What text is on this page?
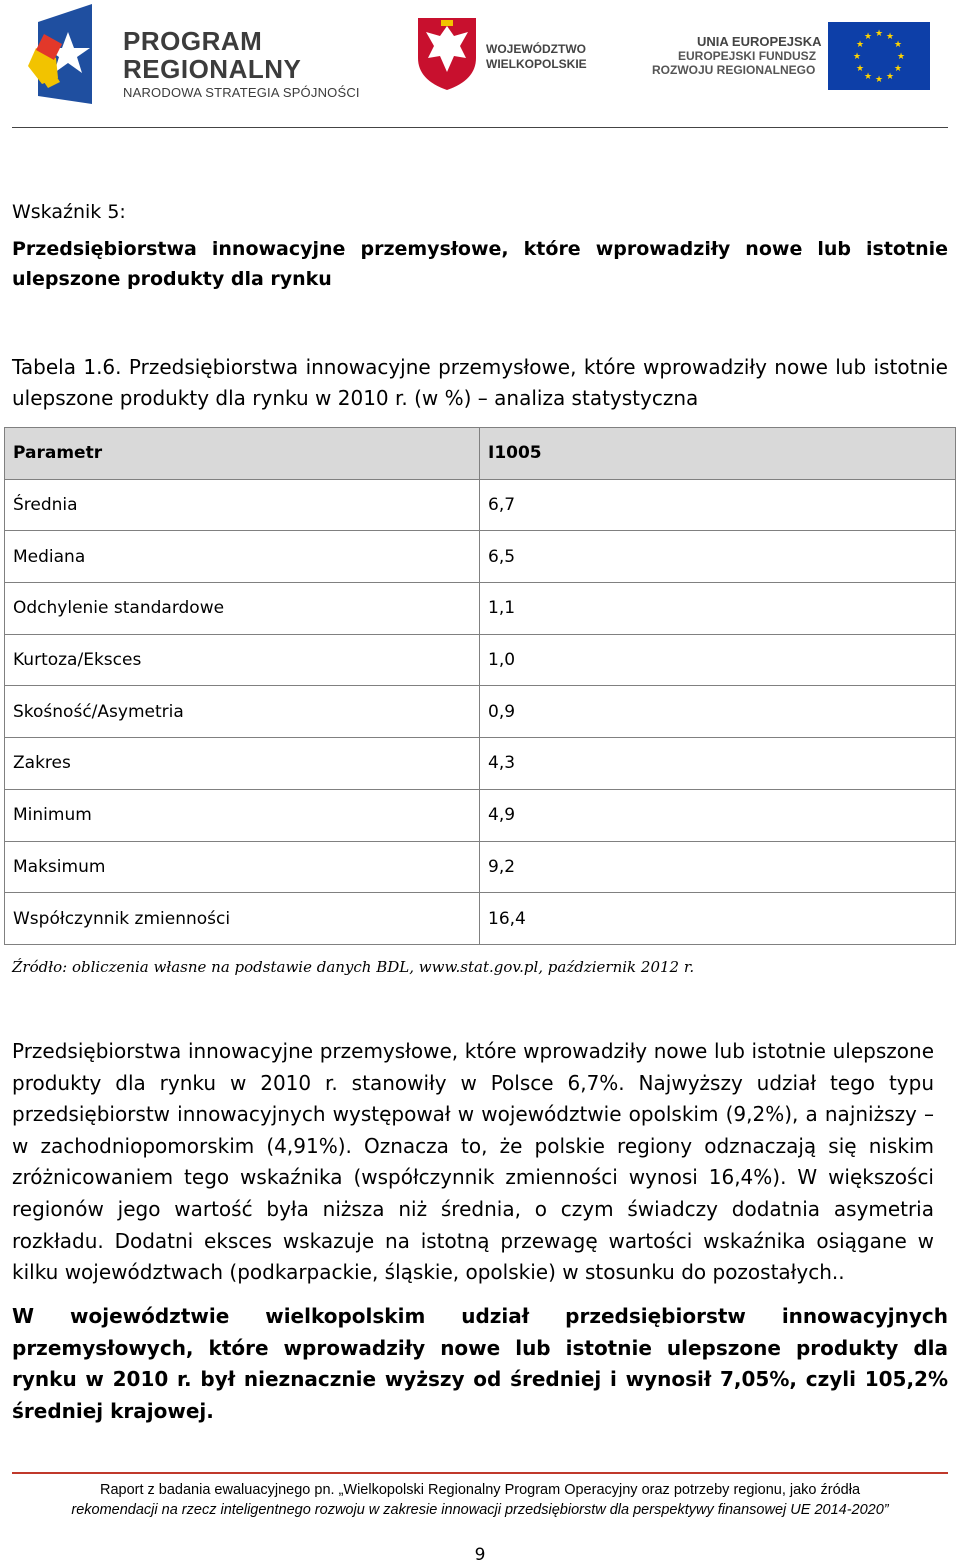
PROGRAM
REGIONALNY
NARODOWA STRATEGIA SPÓJNOŚCI
WOJEWÓDZTWO
WIELKOPOLSKIE
UNIA EUROPEJSKA
EUROPEJSKI FUNDUSZ
ROZWOJU REGIONALNEGO
★ ★
★
★
★
★
★
★
★
★
★
★
Wskaźnik 5:
Przedsiębiorstwa innowacyjne przemysłowe, które wprowadziły nowe lub istotnie ulepszone produkty dla rynku
Tabela 1.6. Przedsiębiorstwa innowacyjne przemysłowe, które wprowadziły nowe lub istotnie ulepszone produkty dla rynku w 2010 r. (w %) – analiza statystyczna
Parametr	I1005
Średnia	6,7
Mediana	6,5
Odchylenie standardowe	1,1
Kurtoza/Eksces	1,0
Skośność/Asymetria	0,9
Zakres	4,3
Minimum	4,9
Maksimum	9,2
Współczynnik zmienności	16,4
Źródło: obliczenia własne na podstawie danych BDL, www.stat.gov.pl, październik 2012 r.
Przedsiębiorstwa innowacyjne przemysłowe, które wprowadziły nowe lub istotnie ulepszone produkty dla rynku w 2010 r. stanowiły w Polsce 6,7%. Najwyższy udział tego typu przedsiębiorstw innowacyjnych występował w województwie opolskim (9,2%), a najniższy – w zachodniopomorskim (4,91%). Oznacza to, że polskie regiony odznaczają się niskim zróżnicowaniem tego wskaźnika (współczynnik zmienności wynosi 16,4%). W większości regionów jego wartość była niższa niż średnia, o czym świadczy dodatnia asymetria rozkładu. Dodatni eksces wskazuje na istotną przewagę wartości wskaźnika osiągane w kilku województwach (podkarpackie, śląskie, opolskie) w stosunku do pozostałych..
W województwie wielkopolskim udział przedsiębiorstw innowacyjnych przemysłowych, które wprowadziły nowe lub istotnie ulepszone produkty dla rynku w 2010 r. był nieznacznie wyższy od średniej i wynosił 7,05%, czyli 105,2% średniej krajowej.
Raport z badania ewaluacyjnego pn. „Wielkopolski Regionalny Program Operacyjny oraz potrzeby regionu, jako źródła
rekomendacji na rzecz inteligentnego rozwoju w zakresie innowacji przedsiębiorstw dla perspektywy finansowej UE 2014-2020”
9
